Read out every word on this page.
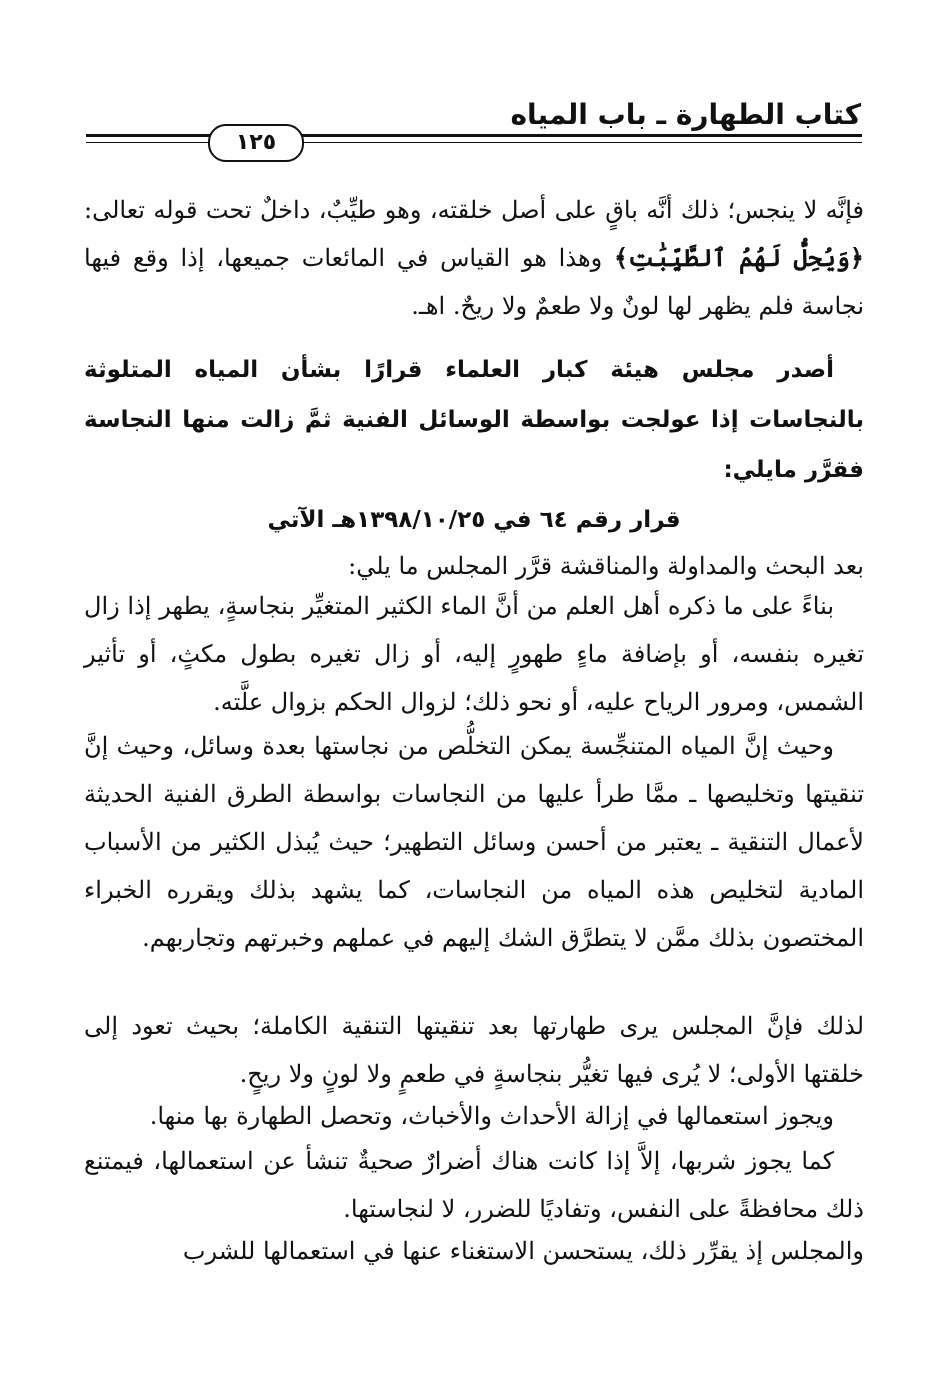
كتاب الطهارة ـ باب المياه
١٢٥
فإنَّه لا ينجس؛ ذلك أنَّه باقٍ على أصل خلقته، وهو طيِّبٌ، داخلٌ تحت قوله تعالى: ﴿وَيُحِلُّ لَهُمُ ٱلطَّيِّبَٰتِ﴾ وهذا هو القياس في المائعات جميعها، إذا وقع فيها نجاسة فلم يظهر لها لونٌ ولا طعمٌ ولا ريحٌ. اهـ.
أصدر مجلس هيئة كبار العلماء قرارًا بشأن المياه المتلوثة بالنجاسات إذا عولجت بواسطة الوسائل الفنية ثمَّ زالت منها النجاسة فقرَّر مايلي:
قرار رقم ٦٤ في ١٣٩٨/١٠/٢٥هـ الآتي
بعد البحث والمداولة والمناقشة قرَّر المجلس ما يلي:
بناءً على ما ذكره أهل العلم من أنَّ الماء الكثير المتغيِّر بنجاسةٍ، يطهر إذا زال تغيره بنفسه، أو بإضافة ماءٍ طهورٍ إليه، أو زال تغيره بطول مكثٍ، أو تأثير الشمس، ومرور الرياح عليه، أو نحو ذلك؛ لزوال الحكم بزوال علَّته.
وحيث إنَّ المياه المتنجِّسة يمكن التخلُّص من نجاستها بعدة وسائل، وحيث إنَّ تنقيتها وتخليصها ـ ممَّا طرأ عليها من النجاسات بواسطة الطرق الفنية الحديثة لأعمال التنقية ـ يعتبر من أحسن وسائل التطهير؛ حيث يُبذل الكثير من الأسباب المادية لتخليص هذه المياه من النجاسات، كما يشهد بذلك ويقرره الخبراء المختصون بذلك ممَّن لا يتطرَّق الشك إليهم في عملهم وخبرتهم وتجاربهم.
لذلك فإنَّ المجلس يرى طهارتها بعد تنقيتها التنقية الكاملة؛ بحيث تعود إلى خلقتها الأولى؛ لا يُرى فيها تغيُّر بنجاسةٍ في طعمٍ ولا لونٍ ولا ريحٍ.
ويجوز استعمالها في إزالة الأحداث والأخباث، وتحصل الطهارة بها منها.
كما يجوز شربها، إلاَّ إذا كانت هناك أضرارٌ صحيةٌ تنشأ عن استعمالها، فيمتنع ذلك محافظةً على النفس، وتفاديًا للضرر، لا لنجاستها.
والمجلس إذ يقرِّر ذلك، يستحسن الاستغناء عنها في استعمالها للشرب
